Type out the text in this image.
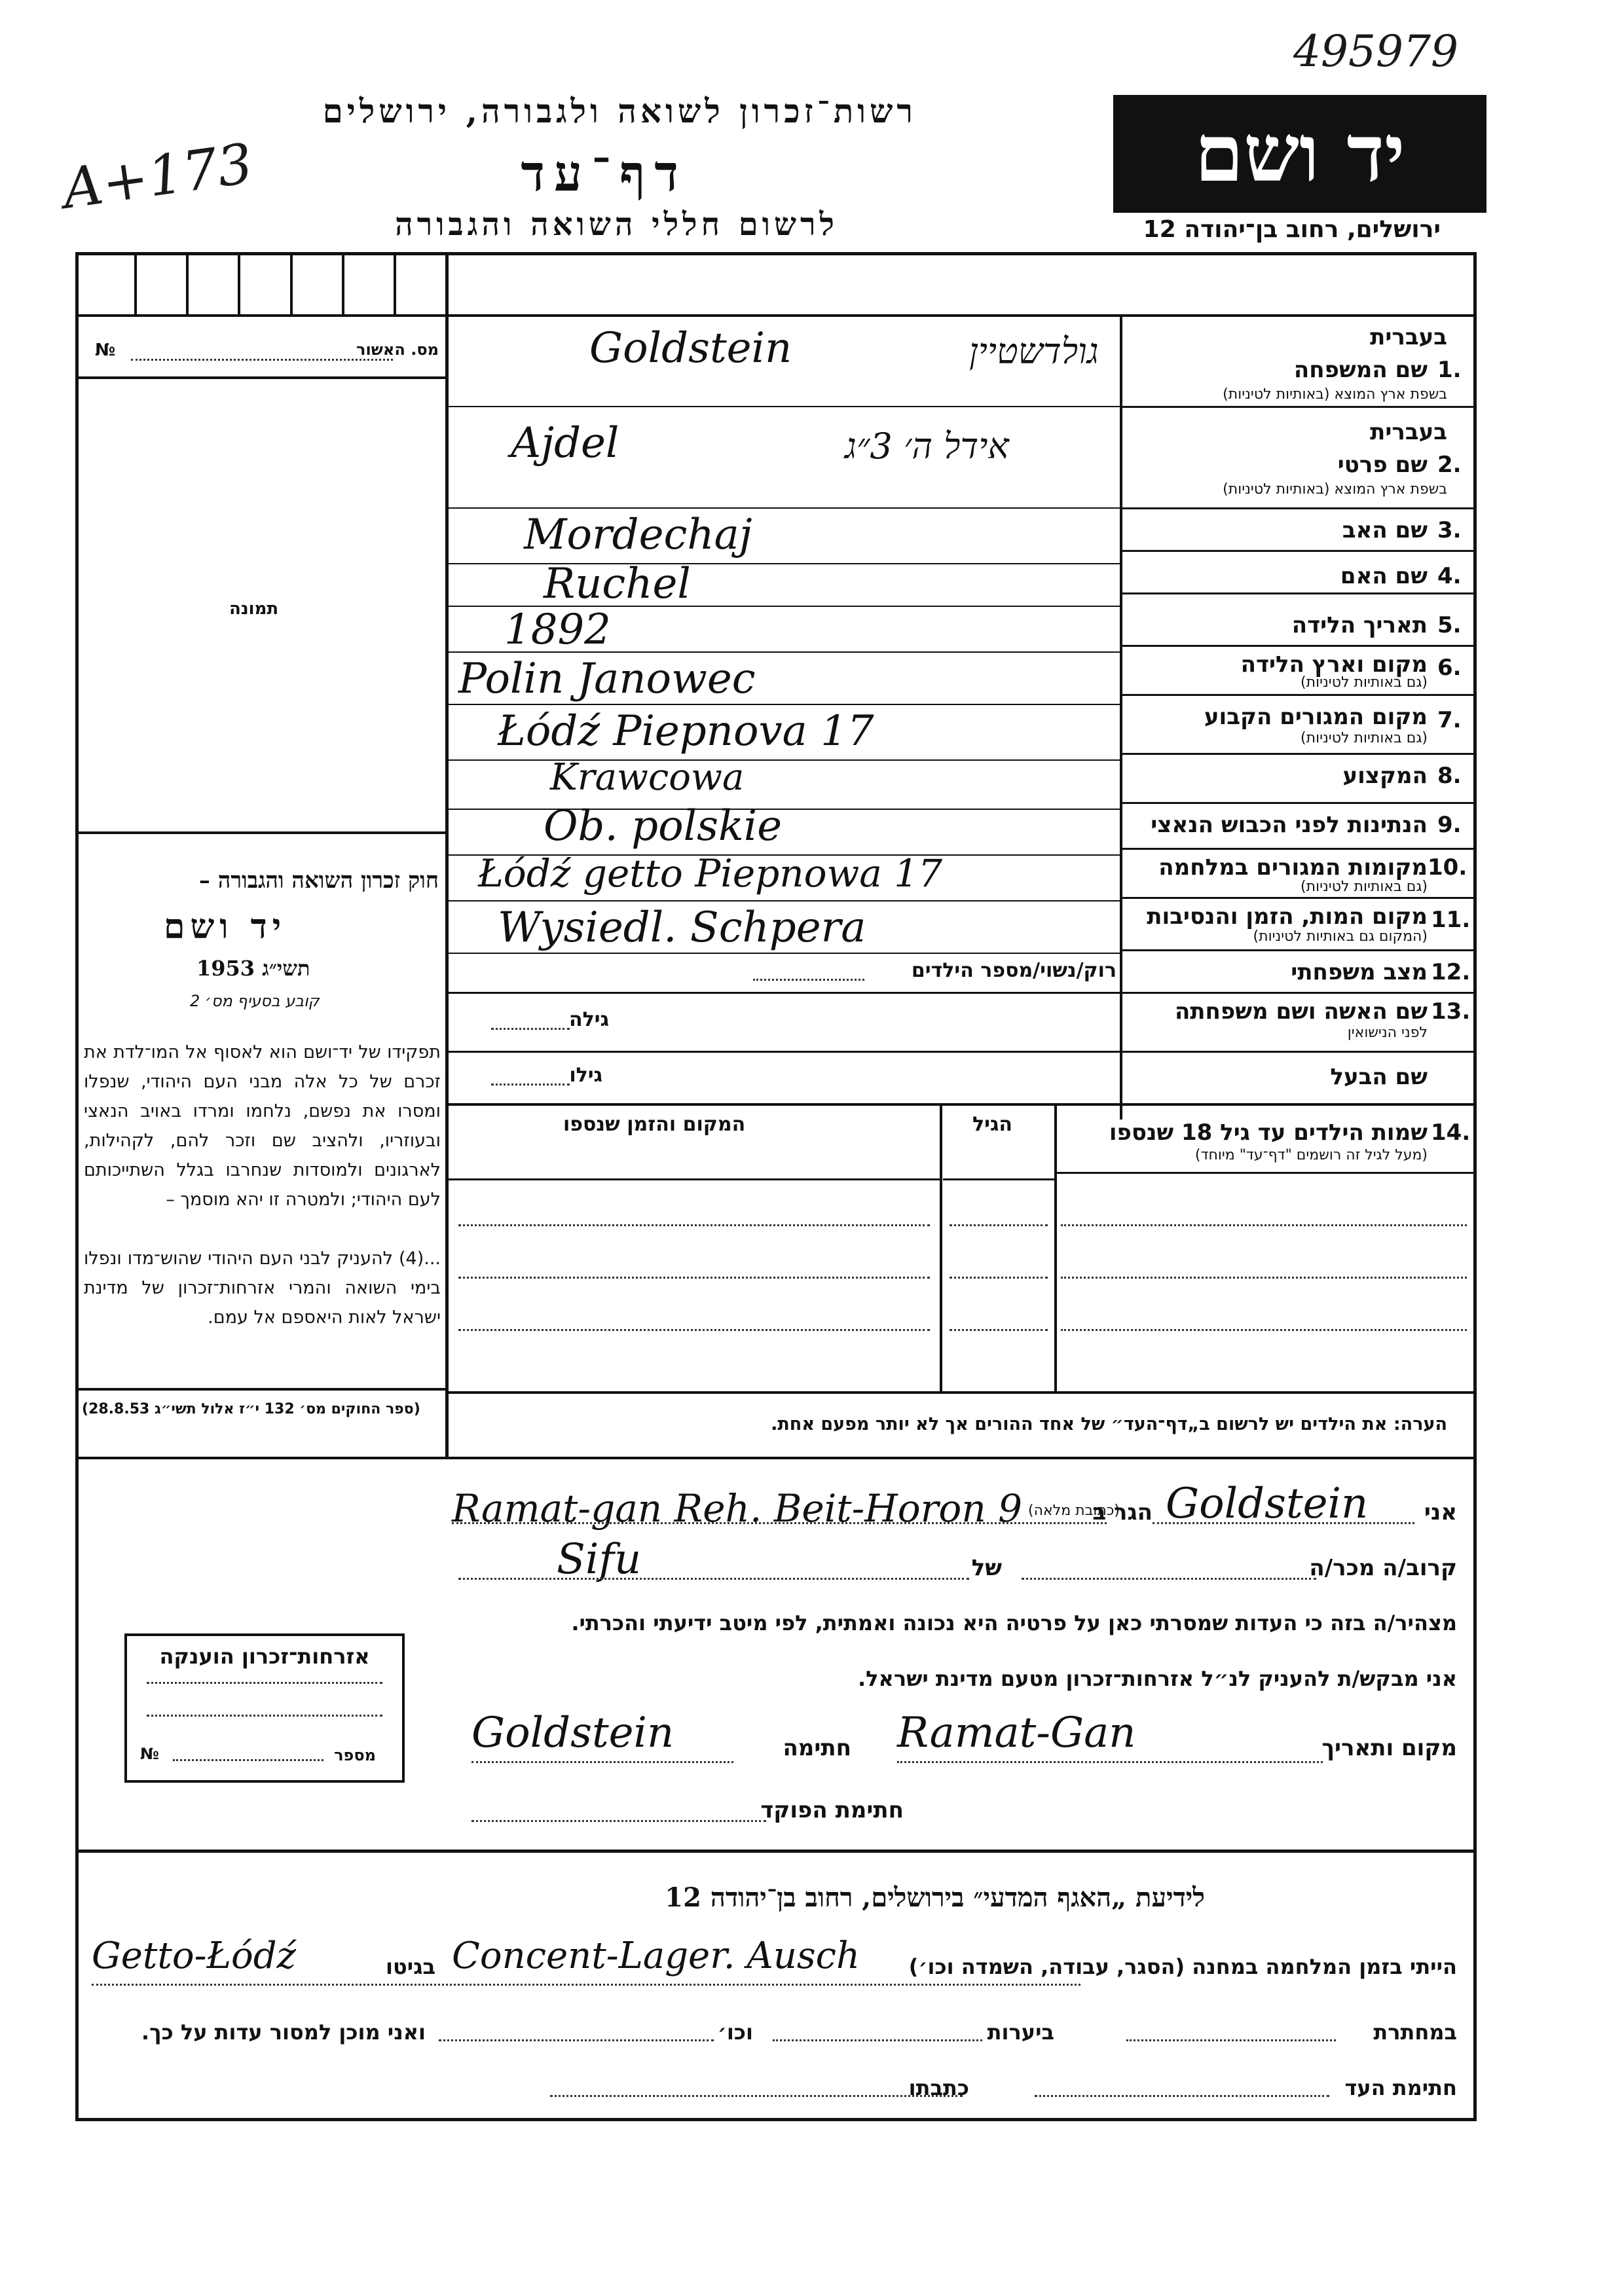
495979
A+173
רשות־זכרון לשואה ולגבורה, ירושלים
דף־עד
לרשום חללי השואה והגבורה
יד ושם
ירושלים, רחוב בן־יהודה 12
מס. האשור
№
תמונה
חוק זכרון השואה והגבורה –
יד ושם
תשי״ג 1953
קובע בסעיף מס׳ 2
תפקידו של יד־ושם הוא לאסוף אל המו־לדת את זכרם של כל אלה מבני העם היהודי, שנפלו ומסרו את נפשם, נלחמו ומרדו באויב הנאצי ובעוזריו, ולהציב שם וזכר להם, לקהילות, לארגונים ולמוסדות שנחרבו בגלל השתייכותם לעם היהודי; ולמטרה זו יהא מוסמך –
...(4) להעניק לבני העם היהודי שהוש־מדו ונפלו בימי השואה והמרי אזרחות־זכרון של מדינת ישראל לאות היאספם אל עמם.
(ספר החוקים מס׳ 132 י״ז אלול תשי״ג 28.8.53)
בעברית
1.
שם המשפחה
בשפת ארץ המוצא (באותיות לטיניות)
Goldstein	גולדשטיין
בעברית
2.
שם פרטי
בשפת ארץ המוצא (באותיות לטיניות)
Ajdel	אידל ה׳ 3״ג
3.
שם האב
Mordechaj
4.
שם האם
Ruchel
5.
תאריך הלידה
1892
6.
מקום וארץ הלידה
(גם באותיות לטיניות)
Polin Janowec
7.
מקום המגורים הקבוע
(גם באותיות לטיניות)
Łódź Piepnova 17
8.
המקצוע
Krawcowa
9.
הנתינות לפני הכבוש הנאצי
Ob. polskie
10.
מקומות המגורים במלחמה
(גם באותיות לטיניות)
Łódź getto Piepnowa 17
11.
מקום המות, הזמן והנסיבות
(המקום גם באותיות לטיניות)
Wysiedl. Schpera
12.
מצב משפחתי
רוק/נשוי/מספר הילדים
13.
שם האשה ושם משפחתה
לפני הנישואין
גילה
שם הבעל
גילו
14.
שמות הילדים עד גיל 18 שנספו
(מעל לגיל זה רושמים "דף־עד" מיוחד)
הגיל
המקום והזמן שנספו
הערה: את הילדים יש לרשום ב„דף־העד״ של אחד ההורים אך לא יותר מפעם אחת.
אני
Goldstein
הגר ב
(כתובת מלאה)
Ramat-gan Reh. Beit-Horon 9
קרוב/ה מכר/ה
Sifu	של
מצהיר/ה בזה כי העדות שמסרתי כאן על פרטיה היא נכונה ואמתית, לפי מיטב ידיעתי והכרתי.
אני מבקש/ת להעניק לנ״ל אזרחות־זכרון מטעם מדינת ישראל.
מקום ותאריך
Ramat-Gan
חתימה
Goldstein
חתימת הפוקד
אזרחות־זכרון הוענקה
מספר
№
לידיעת „האגף המדעי״ בירושלים, רחוב בן־יהודה 12
הייתי בזמן המלחמה במחנה (הסגר, עבודה, השמדה וכו׳)
Concent-Lager. Ausch
בגיטו
Getto-Łódź
במחתרת
ביערות
וכו׳
ואני מוכן למסור עדות על כך.
חתימת העד
כתבתו
